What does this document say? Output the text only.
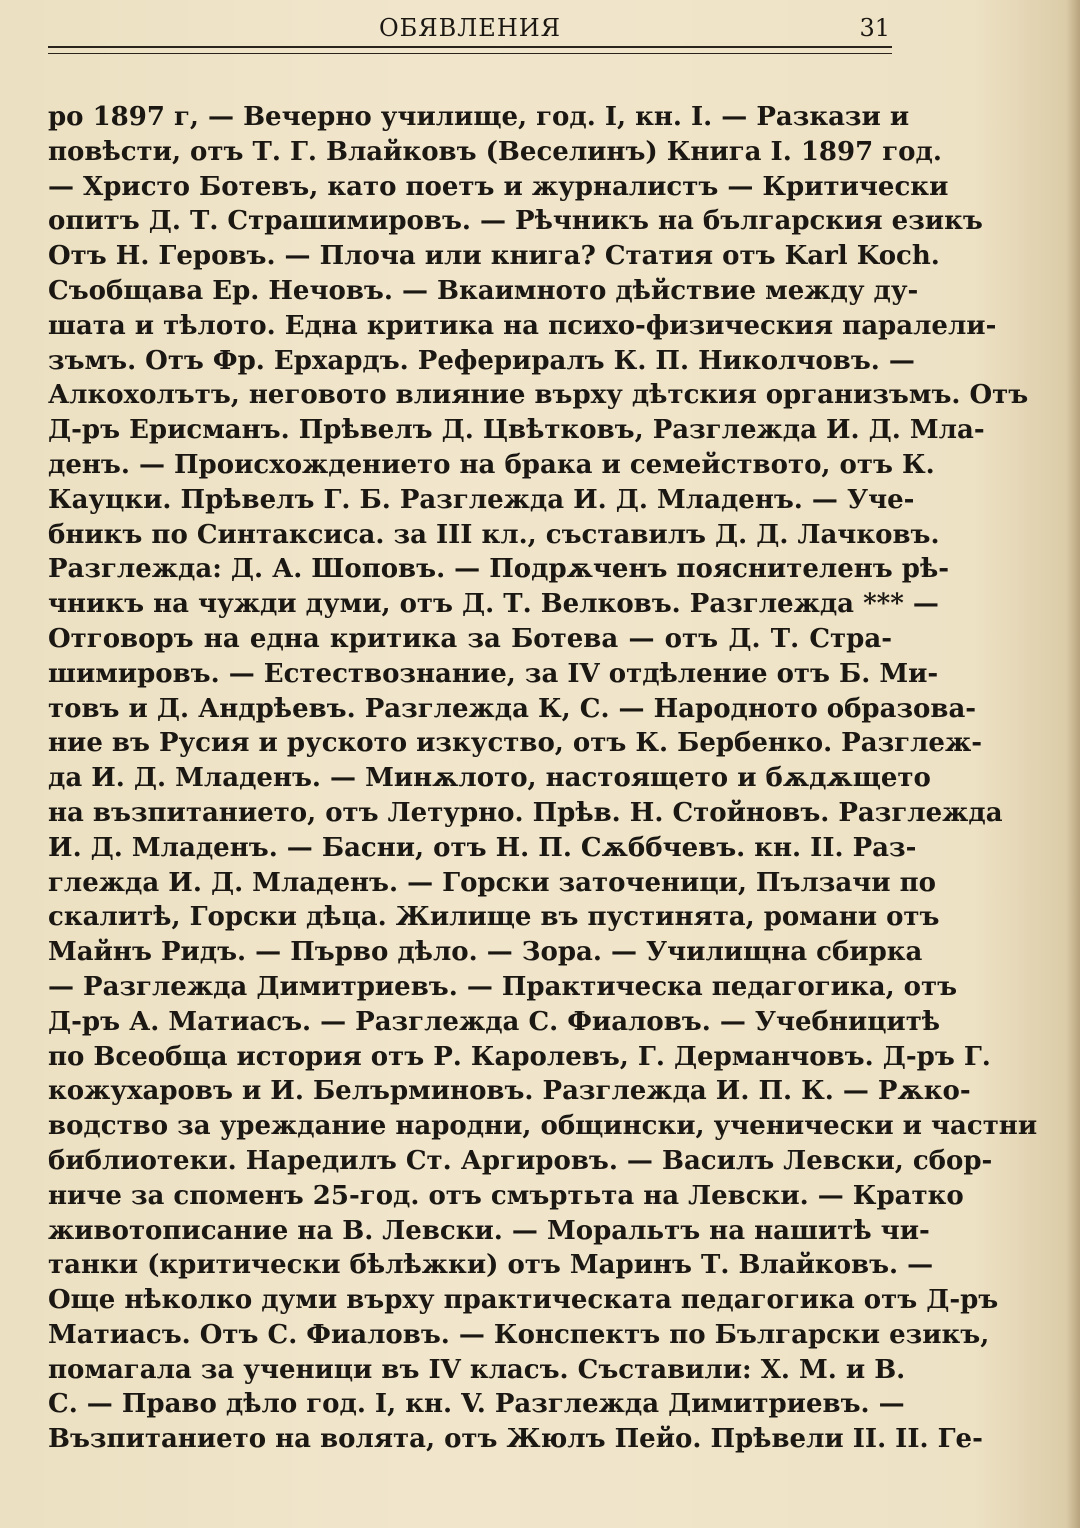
ОБЯВЛЕНИЯ	31
ро 1897 г, — Вечерно училище, год. I, кн. I. — Разкази и
повѣсти, отъ Т. Г. Влайковъ (Веселинъ) Книга I. 1897 год.
— Христо Ботевъ, като поетъ и журналистъ — Критически
опитъ Д. Т. Страшимировъ. — Рѣчникъ на българския езикъ
Отъ Н. Геровъ. — Плоча или книга? Статия отъ Karl Koch.
Съобщава Ер. Нечовъ. — Вкаимното дѣйствие между ду-
шата и тѣлото. Една критика на психо-физическия паралели-
зъмъ. Отъ Фр. Ерхардъ. Рефериралъ К. П. Николчовъ. —
Алкохолътъ, неговото влияние върху дѣтския организъмъ. Отъ
Д-ръ Ерисманъ. Прѣвелъ Д. Цвѣтковъ, Разглежда И. Д. Мла-
денъ. — Происхождението на брака и семейството, отъ К.
Кауцки. Прѣвелъ Г. Б. Разглежда И. Д. Младенъ. — Уче-
бникъ по Синтаксиса. за III кл., съставилъ Д. Д. Лачковъ.
Разглежда: Д. А. Шоповъ. — Подрѫченъ пояснителенъ рѣ-
чникъ на чужди думи, отъ Д. Т. Велковъ. Разглежда *** —
Отговоръ на една критика за Ботева — отъ Д. Т. Стра-
шимировъ. — Естествознание, за IV отдѣление отъ Б. Ми-
товъ и Д. Андрѣевъ. Разглежда К, С. — Народното образова-
ние въ Русия и руското изкуство, отъ К. Бербенко. Рaзглеж-
да И. Д. Младенъ. — Минѫлото, настоящето и бѫдѫщето
на възпитанието, отъ Летурно. Прѣв. Н. Стойновъ. Разглежда
И. Д. Младенъ. — Басни, отъ Н. П. Сѫббчевъ. кн. II. Раз-
глежда И. Д. Младенъ. — Горски заточеници, Пълзачи по
скалитѣ, Горски дѣца. Жилище въ пустинята, романи отъ
Майнъ Ридъ. — Първо дѣло. — Зора. — Училищна сбирка
— Разглежда Димитриевъ. — Практическа педагогика, отъ
Д-ръ А. Матиасъ. — Разглежда С. Фиаловъ. — Учебницитѣ
по Всеобща история отъ Р. Каролевъ, Г. Дерманчовъ. Д-ръ Г.
кожухаровъ и И. Белърминовъ. Разглежда И. П. К. — Рѫко-
водство за уреждание народни, общински, ученически и частни
библиотеки. Наредилъ Ст. Аргировъ. — Василъ Левски, сбор-
ниче за споменъ 25-год. отъ смъртьта на Левски. — Кратко
животописание на В. Левски. — Моральтъ на нашитѣ чи-
танки (критически бѣлѣжки) отъ Маринъ Т. Влайковъ. —
Още нѣколко думи върху практическата педагогика отъ Д-ръ
Матиасъ. Отъ С. Фиаловъ. — Конспектъ по Български езикъ,
помагала за ученици въ IV класъ. Съставили: Х. М. и В.
С. — Право дѣло год. I, кн. V. Разглежда Димитриевъ. —
Възпитанието на волята, отъ Жюлъ Пейо. Прѣвели II. II. Ге-
